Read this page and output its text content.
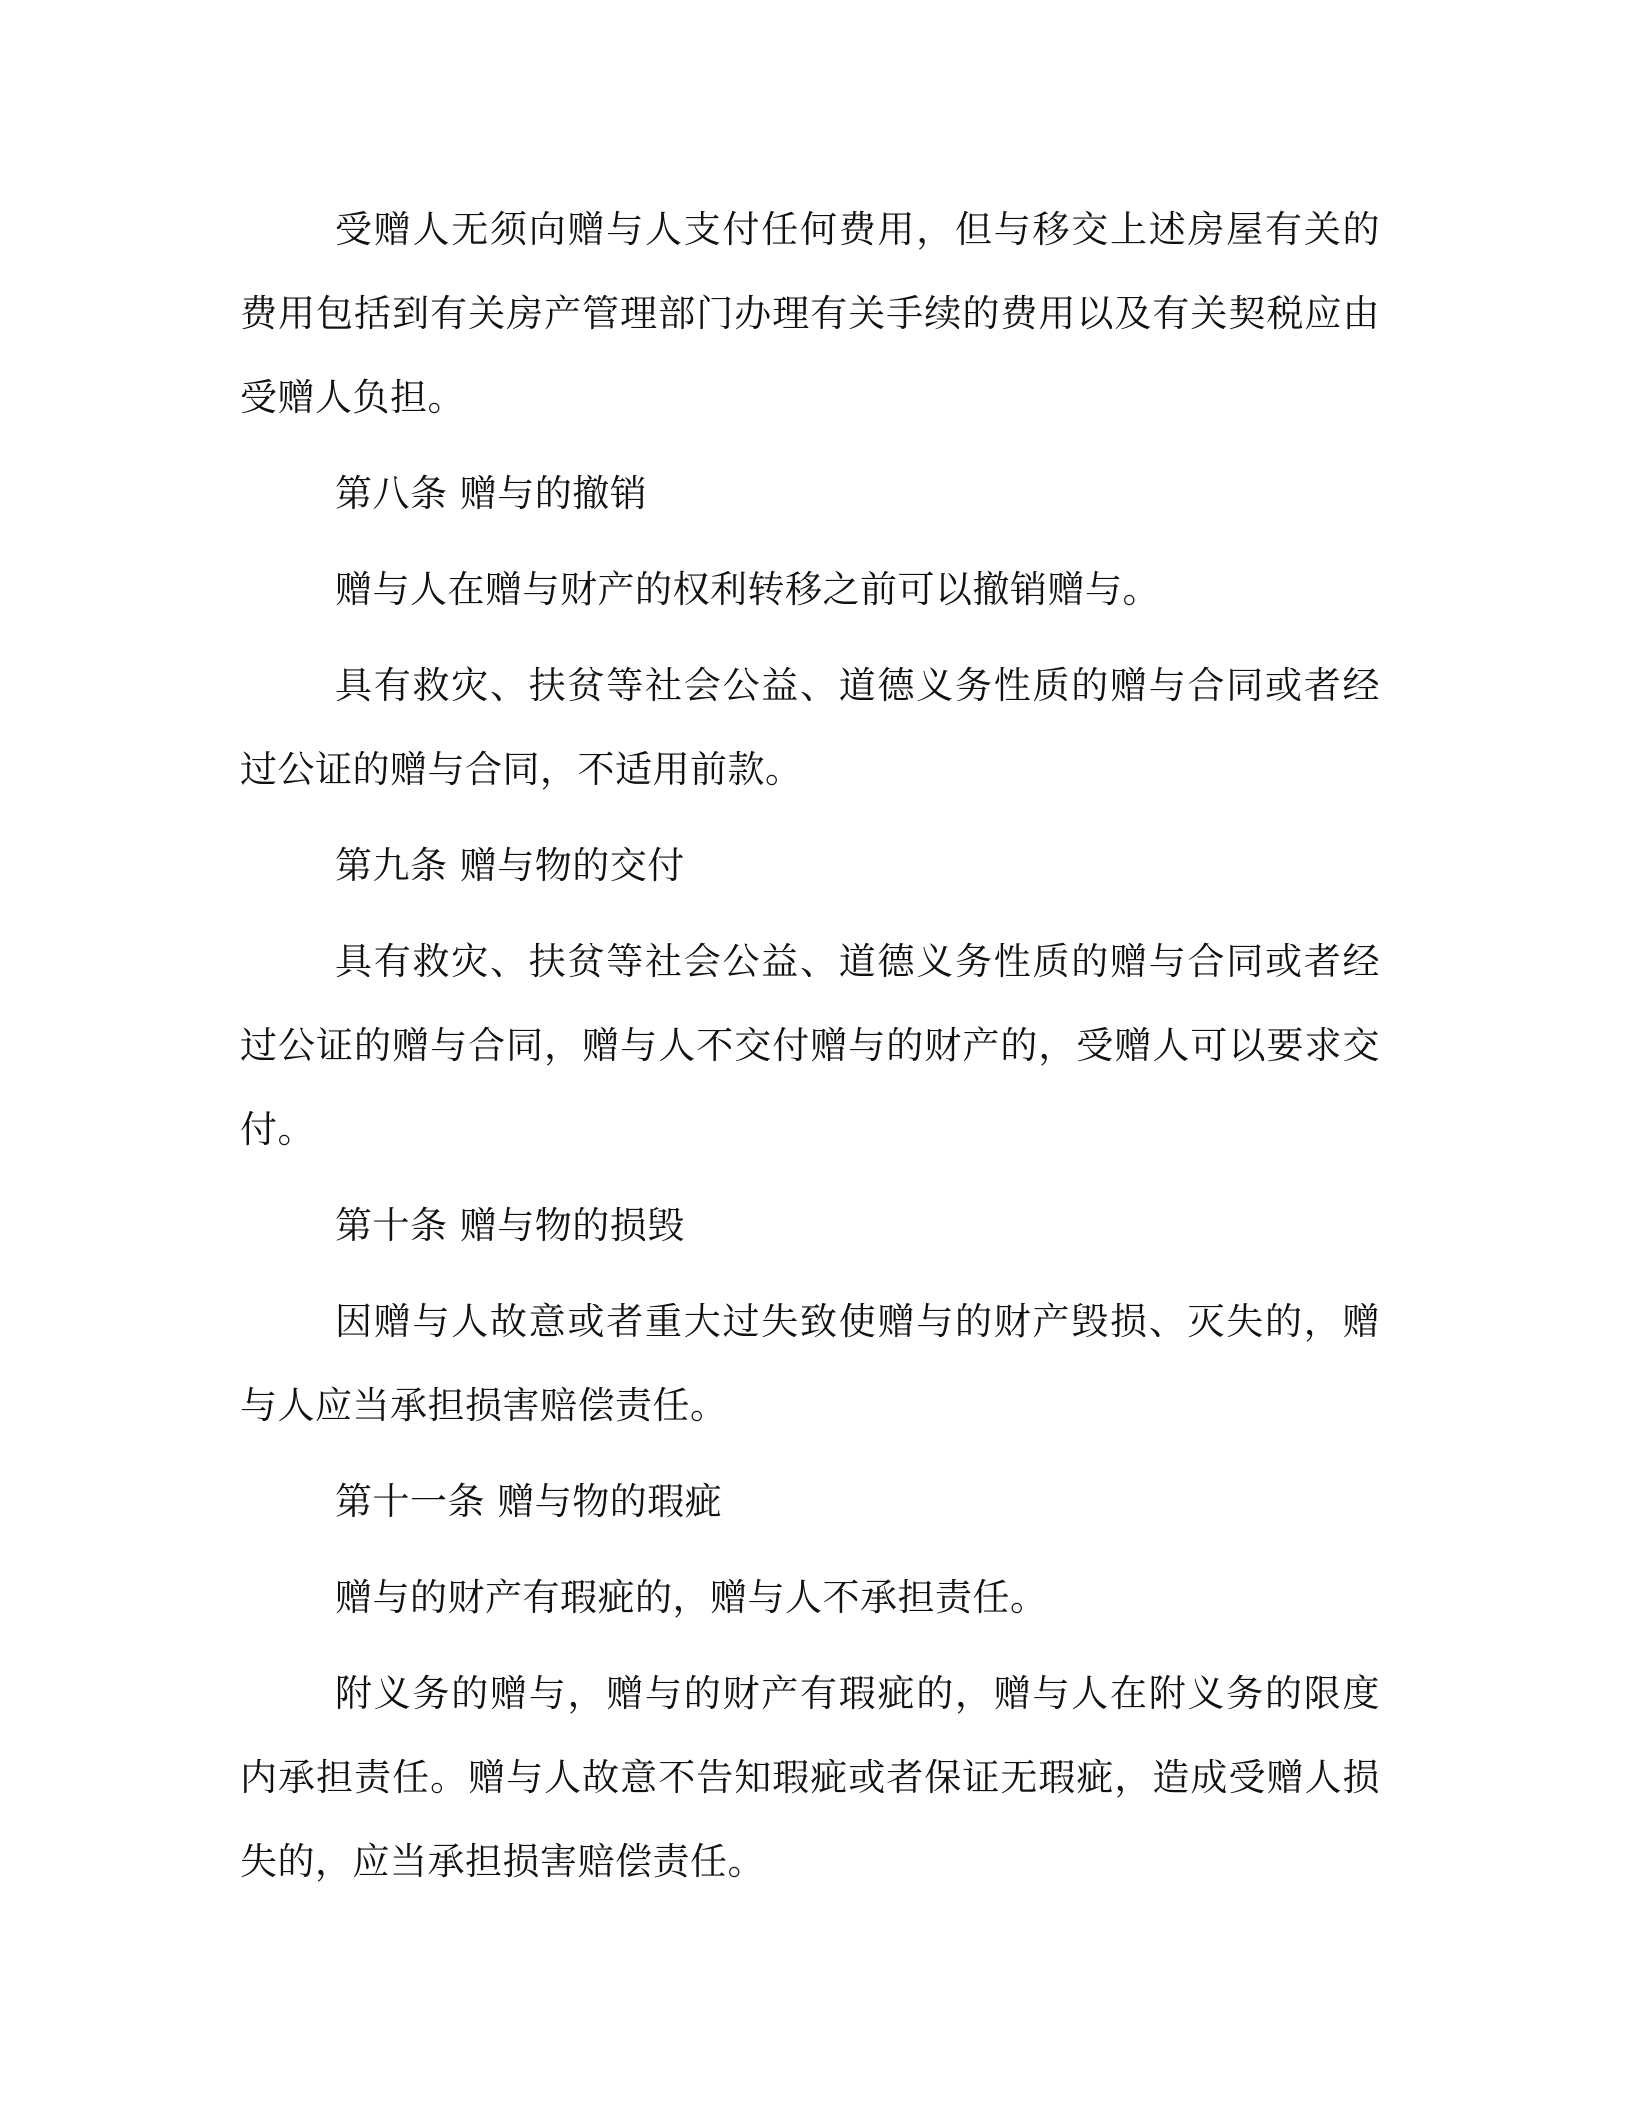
受赠人无须向赠与人支付任何费用，但与移交上述房屋有关的费用包括到有关房产管理部门办理有关手续的费用以及有关契税应由受赠人负担。

第八条 赠与的撤销

赠与人在赠与财产的权利转移之前可以撤销赠与。

具有救灾、扶贫等社会公益、道德义务性质的赠与合同或者经过公证的赠与合同，不适用前款。

第九条 赠与物的交付

具有救灾、扶贫等社会公益、道德义务性质的赠与合同或者经过公证的赠与合同，赠与人不交付赠与的财产的，受赠人可以要求交付。

第十条 赠与物的损毁

因赠与人故意或者重大过失致使赠与的财产毁损、灭失的，赠与人应当承担损害赔偿责任。

第十一条 赠与物的瑕疵

赠与的财产有瑕疵的，赠与人不承担责任。

附义务的赠与，赠与的财产有瑕疵的，赠与人在附义务的限度内承担责任。赠与人故意不告知瑕疵或者保证无瑕疵，造成受赠人损失的，应当承担损害赔偿责任。
